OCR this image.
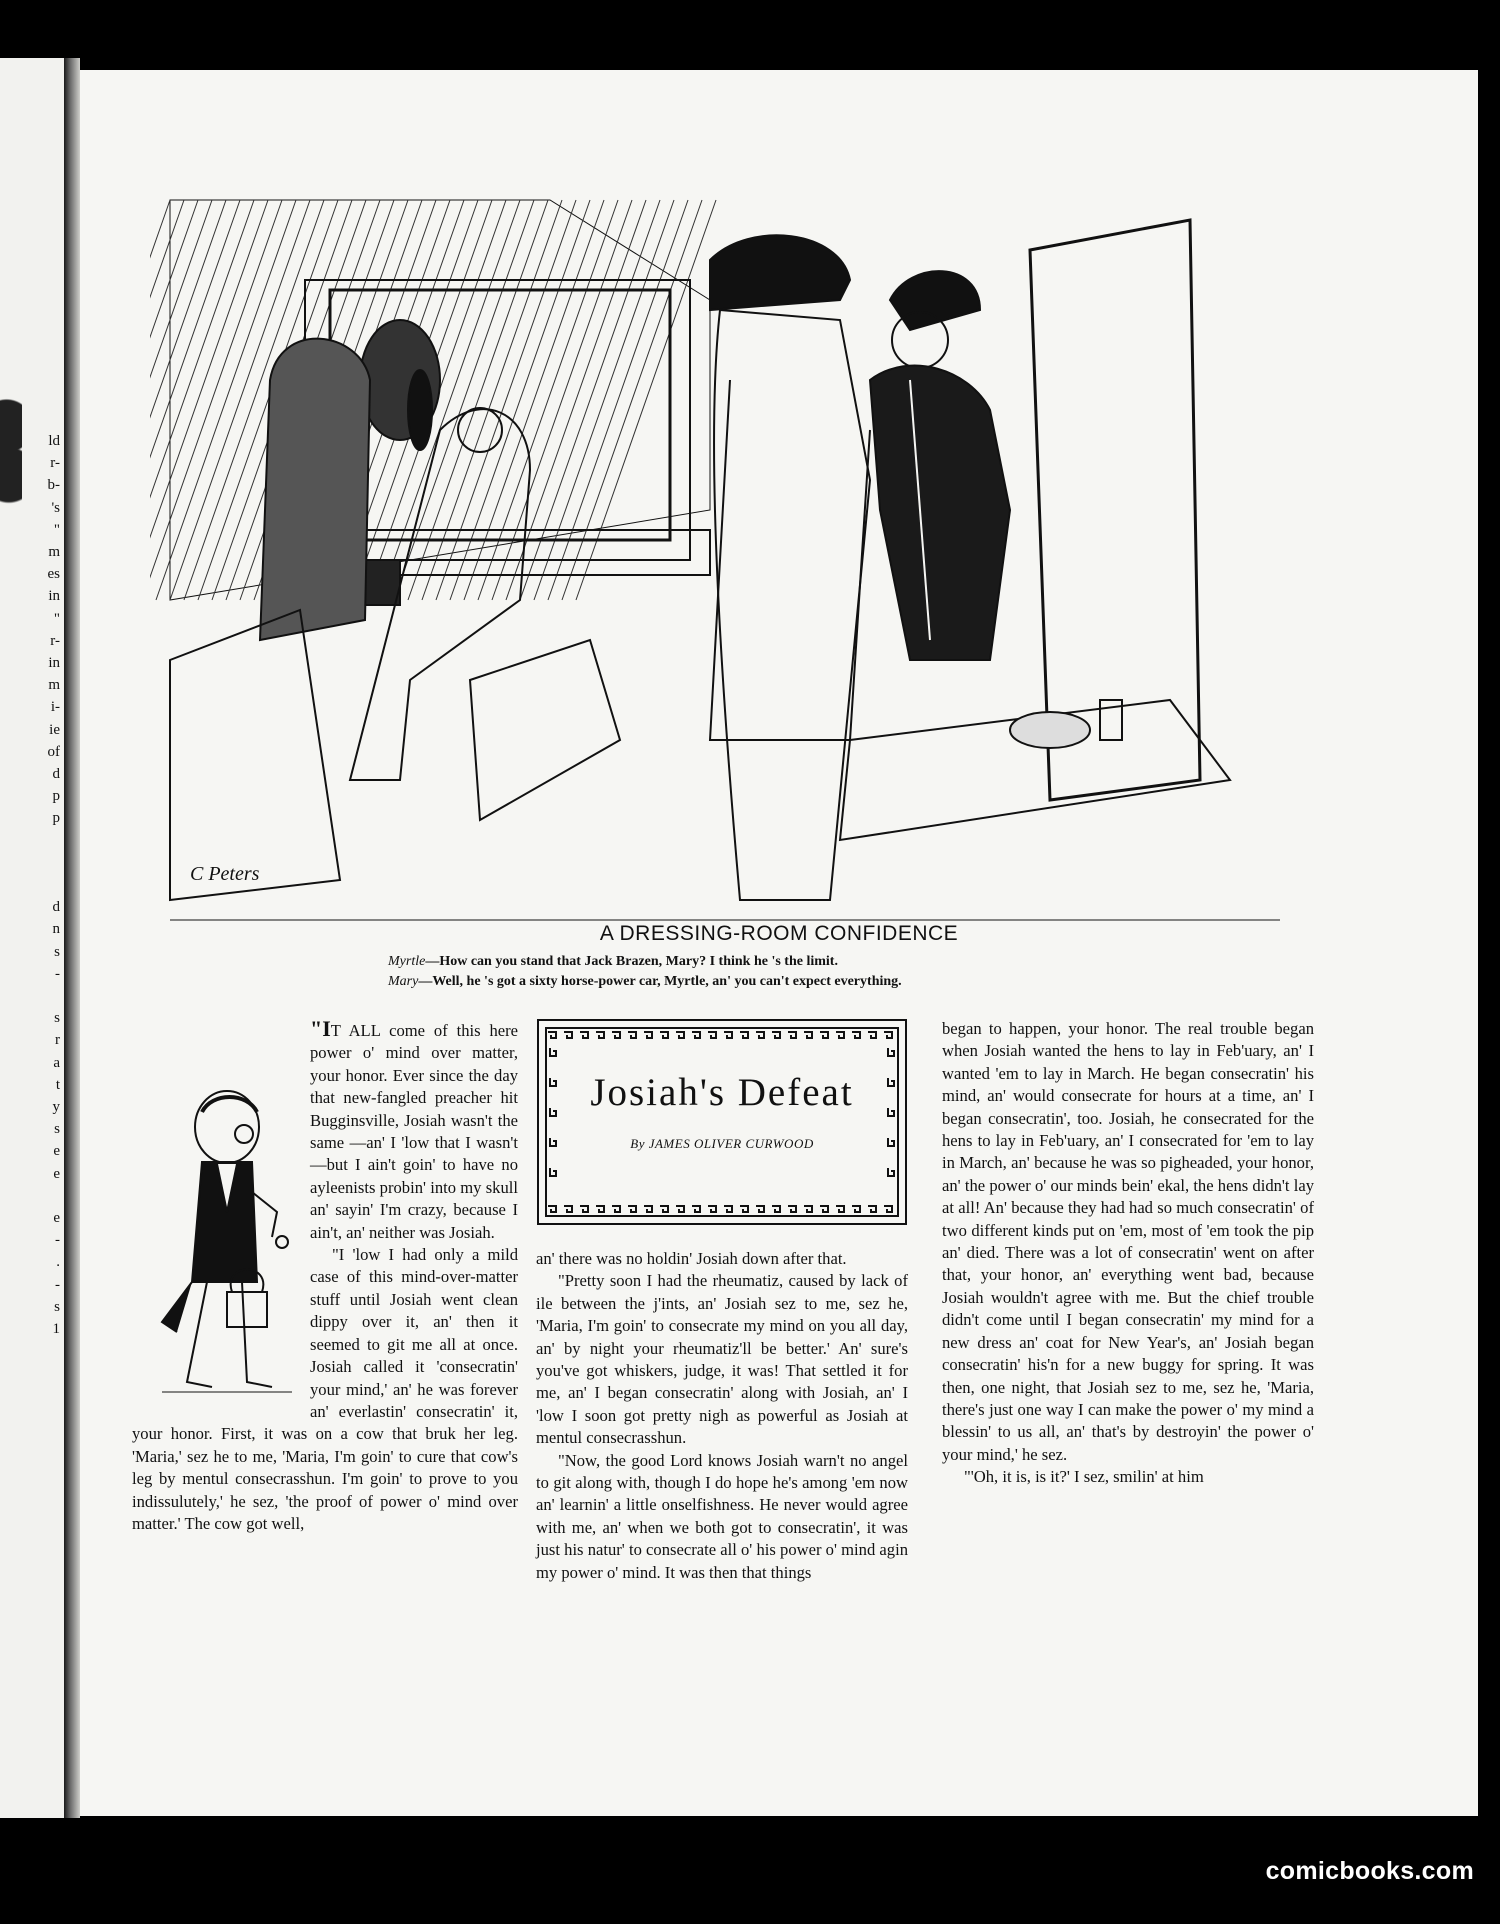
ld
r-
b-
's
"
m
es
in
"
r-
in
m
i-
ie
of
d
p
p
d
n
s
-
s
r
a
t
y
s
e
e
e
-
.
-
s
1
C Peters
A DRESSING-ROOM CONFIDENCE
Myrtle—How can you stand that Jack Brazen, Mary? I think he 's the limit.
Mary—Well, he 's got a sixty horse-power car, Myrtle, an' you can't expect everything.

"IT ALL come of this here power o' mind over matter, your honor. Ever since the day that new-fangled preacher hit Bugginsville, Josiah wasn't the same —an' I 'low that I wasn't—but I ain't goin' to have no ayleenists probin' into my skull an' sayin' I'm crazy, because I ain't, an' neither was Josiah.

"I 'low I had only a mild case of this mind-over-matter stuff until Josiah went clean dippy over it, an' then it seemed to git me all at once. Josiah called it 'consecratin' your mind,' an' he was forever an' everlastin' consecratin' it, your honor. First, it was on a cow that bruk her leg. 'Maria,' sez he to me, 'Maria, I'm goin' to cure that cow's leg by mentul consecrasshun. I'm goin' to prove to you indissulutely,' he sez, 'the proof of power o' mind over matter.' The cow got well,

Josiah's Defeat
By JAMES OLIVER CURWOOD

an' there was no holdin' Josiah down after that.

"Pretty soon I had the rheumatiz, caused by lack of ile between the j'ints, an' Josiah sez to me, sez he, 'Maria, I'm goin' to consecrate my mind on you all day, an' by night your rheumatiz'll be better.' An' sure's you've got whiskers, judge, it was! That settled it for me, an' I began consecratin' along with Josiah, an' I 'low I soon got pretty nigh as powerful as Josiah at mentul consecrasshun.

"Now, the good Lord knows Josiah warn't no angel to git along with, though I do hope he's among 'em now an' learnin' a little onselfishness. He never would agree with me, an' when we both got to consecratin', it was just his natur' to consecrate all o' his power o' mind agin my power o' mind. It was then that things

began to happen, your honor. The real trouble began when Josiah wanted the hens to lay in Feb'uary, an' I wanted 'em to lay in March. He began consecratin' his mind, an' would consecrate for hours at a time, an' I began consecratin', too. Josiah, he consecrated for the hens to lay in Feb'uary, an' I consecrated for 'em to lay in March, an' because he was so pigheaded, your honor, an' the power o' our minds bein' ekal, the hens didn't lay at all! An' because they had had so much consecratin' of two different kinds put on 'em, most of 'em took the pip an' died. There was a lot of consecratin' went on after that, your honor, an' everything went bad, because Josiah wouldn't agree with me. But the chief trouble didn't come until I began consecratin' my mind for a new dress an' coat for New Year's, an' Josiah began consecratin' his'n for a new buggy for spring. It was then, one night, that Josiah sez to me, sez he, 'Maria, there's just one way I can make the power o' my mind a blessin' to us all, an' that's by destroyin' the power o' your mind,' he sez.

"'Oh, it is, is it?' I sez, smilin' at him

comicbooks.com
